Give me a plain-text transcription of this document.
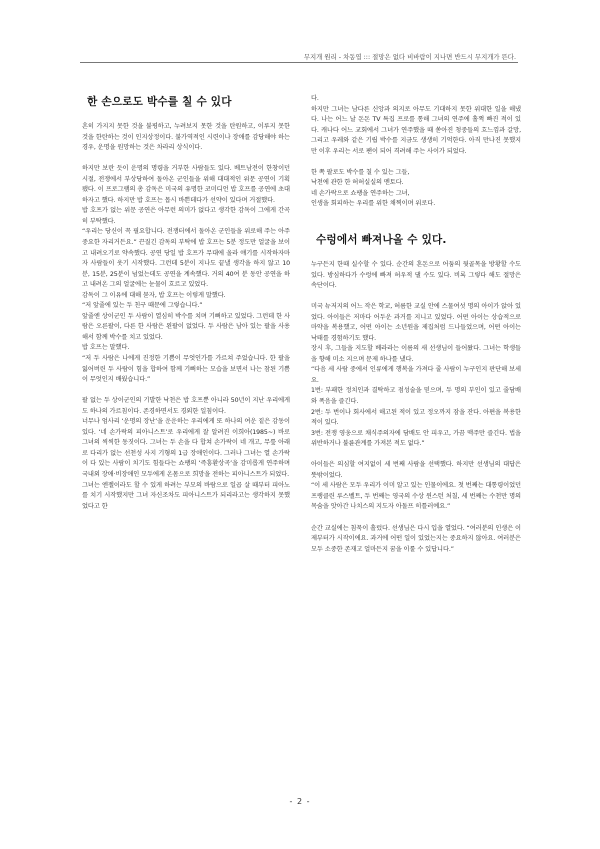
무지개 원리 - 차동엽 ::: 절망은 없다 비바람이 지나면 반드시 무지개가 뜬다.
한 손으로도 박수를 칠 수 있다

흔히 가지지 못한 것을 불평하고, 누려보지 못한 것을 탄원하고, 이루지 못한 것을 한탄하는 것이 인지상정이다. 불가역적인 시련이나 장애를 감당해야 하는 경우, 운명을 원망하는 것은 차라리 상식이다.

하지만 보란 듯이 운명의 명령을 거부한 사람들도 있다. 베트남전이 한창이던 시절, 전쟁에서 부상당하여 돌아온 군인들을 위해 대대적인 위문 공연이 기획됐다. 이 프로그램의 총 감독은 미국의 유명한 코미디언 밥 호프를 공연에 초대하자고 했다. 하지만 밥 호프는 몹시 바쁜데다가 선약이 있다며 거절했다.

밥 호프가 없는 위문 공연은 아무런 의미가 없다고 생각한 감독이 그에게 간곡히 부탁했다.

“우리는 당신이 꼭 필요합니다. 전쟁터에서 돌아온 군인들을 위로해 주는 아주 중요한 자리거든요.” 끈질긴 감독의 부탁에 밥 호프는 5분 정도만 얼굴을 보이고 내려오기로 약속했다. 공연 당일 밥 호프가 무대에 올라 얘기를 시작하자마자 사람들이 웃기 시작했다. 그런데 5분이 지나도 끝낼 생각을 하지 않고 10분, 15분, 25분이 넘었는데도 공연을 계속했다. 거의 40여 분 동안 공연을 하고 내려온 그의 얼굴에는 눈물이 흐르고 있었다.

감독이 그 이유에 대해 묻자, 밥 호프는 이렇게 말했다.

“저 앞줄에 있는 두 친구 때문에 그렇습니다.”

앞줄엔 상이군인 두 사람이 열심히 박수를 치며 기뻐하고 있었다. 그런데 한 사람은 오른팔이, 다른 한 사람은 왼팔이 없었다. 두 사람은 남아 있는 팔을 사용해서 함께 박수를 치고 있었다.

밥 호프는 말했다.

“저 두 사람은 나에게 진정한 기쁨이 무엇인가를 가르쳐 주었습니다. 한 팔을 잃어버린 두 사람이 힘을 합하여 함께 기뻐하는 모습을 보면서 나는 참된 기쁨이 무엇인지 배웠습니다.”

팔 없는 두 상이군인의 기발한 낙천은 밥 호프뿐 아니라 50년이 지난 우리에게도 하나의 가르침이다. 존경하면서도 경외한 일침이다.

너무나 엄사리 ‘운명의 장난’을 운운하는 우리에게 또 하나의 여운 짙은 감동이 있다. ‘네 손가락의 피아니스트’로 우리에게 잘 알려진 이희아(1985~) 바로 그녀의 씩씩한 동짓이다. 그녀는 두 손을 다 합쳐 손가락이 네 개고, 무릎 아래로 다리가 없는 선천성 사지 기형의 1급 장애인이다. 그러나 그녀는 열 손가락이 다 있는 사람이 치기도 힘들다는 쇼팽의 ‘즉흥환상곡’을 감미롭게 연주하며 국내외 장애·비장애인 모두에게 온몸으로 희망을 전하는 피아니스트가 되었다.

그녀는 엔젤이라도 할 수 있게 하려는 부모의 바람으로 일곱 살 때부터 피아노를 치기 시작했지만 그녀 자신조차도 피아니스트가 되리라고는 생각하지 못했었다고 한

다.

하지만 그녀는 남다른 신앙과 의지로 아무도 기대하지 못한 위대한 일을 해냈다. 나는 어느 날 돈돈 TV 특집 프로를 통해 그녀의 연주에 홀쩍 빠진 적이 있다. 캐나다 어느 교회에서 그녀가 연주했을 때 쏟아진 청중들의 흐느낌과 갈망, 그리고 우레와 같은 기립 박수를 지금도 생생히 기억한다. 아직 만나진 못했지만 이후 우리는 서로 팬이 되어 격려해 주는 사이가 되었다.

한 쪽 팔로도 박수를 칠 수 있는 그들,

낙천에 관한 한 허허실실의 멘토다.

네 손가락으로 쇼팽을 연주하는 그녀,

인생을 회피하는 우리를 위한 채찍이며 위로다.

수렁에서 빠져나올 수 있다.

누구든지 한때 실수할 수 있다. 순간의 혼돈으로 어둠의 뒷골목을 방황할 수도 있다. 방심하다가 수렁에 빠져 허우적 댈 수도 있다. 비록 그렇다 해도 절망은 속단이다.

미국 뉴저지의 어느 작은 학교, 허름한 교실 안에 스물여섯 명의 아이가 앉아 있었다. 아이들은 저마다 어두운 과거를 지니고 있었다. 어떤 아이는 상습적으로 마약을 복용했고, 어떤 아이는 소년원을 제집처럼 드나들었으며, 어떤 아이는 낙태를 경험하기도 했다.

장시 후, 그들을 지도할 베라라는 이름의 새 선생님이 들어왔다. 그녀는 학생들을 향해 미소 지으며 문제 하나를 냈다.

“다음 세 사람 중에서 인류에게 행복을 가져다 줄 사람이 누구인지 판단해 보세요.

1번: 부패한 정치인과 결탁하고 점성술을 믿으며, 두 명의 부인이 있고 줄담배와 폭음을 즐긴다.

2번: 두 번이나 회사에서 해고된 적이 있고 정오까지 잠을 잔다. 아편을 복용한 적이 있다.

3번: 전쟁 영웅으로 채식주의자에 담배도 안 피우고, 가끔 맥주만 즐긴다. 법을 위반하거나 불륜관계를 가져본 적도 없다.”

아이들은 의심할 여지없이 세 번째 사람을 선택했다. 하지만 선생님의 대답은 뜻밖이었다.

“이 세 사람은 모두 우리가 이미 알고 있는 인물이에요. 첫 번째는 대통령이었던 프랭클린 루스벨트, 두 번째는 영국의 수상 윈스턴 처칠, 세 번째는 수천만 명의 목숨을 앗아간 나치스의 지도자 아돌프 히틀러예요.”

순간 교실에는 침묵이 흘렀다. 선생님은 다시 입을 열었다. “여러분의 인생은 이제부터가 시작이에요. 과거에 어떤 일이 있었는지는 중요하지 않아요. 여러분은 모두 소중한 존재고 얼마든지 꿈을 이룰 수 있답니다.”

- 2 -
